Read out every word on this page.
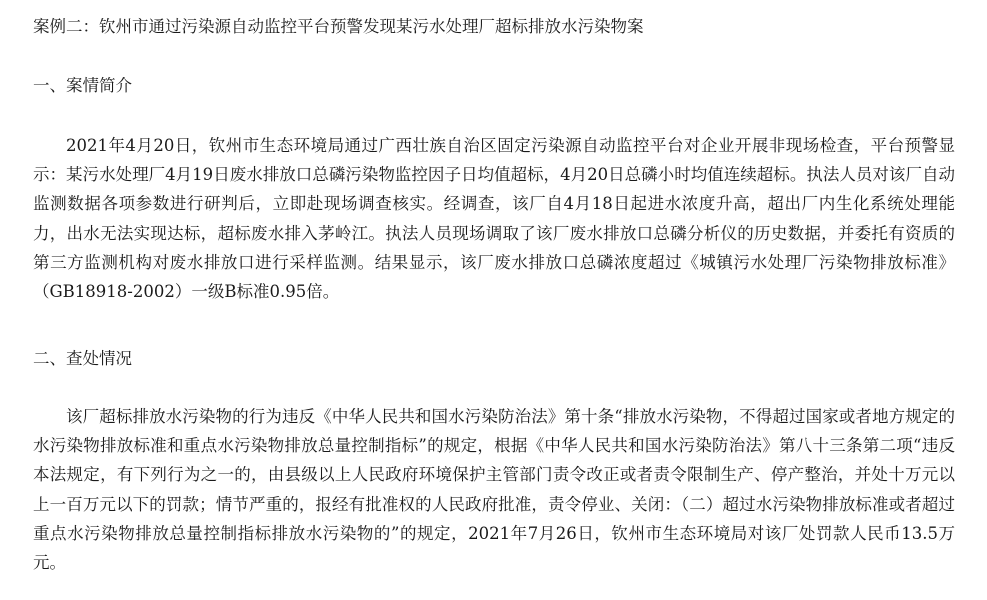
案例二：钦州市通过污染源自动监控平台预警发现某污水处理厂超标排放水污染物案
一、案情简介

2021年4月20日，钦州市生态环境局通过广西壮族自治区固定污染源自动监控平台对企业开展非现场检查，平台预警显示：某污水处理厂4月19日废水排放口总磷污染物监控因子日均值超标，4月20日总磷小时均值连续超标。执法人员对该厂自动监测数据各项参数进行研判后，立即赴现场调查核实。经调查，该厂自4月18日起进水浓度升高，超出厂内生化系统处理能力，出水无法实现达标，超标废水排入茅岭江。执法人员现场调取了该厂废水排放口总磷分析仪的历史数据，并委托有资质的第三方监测机构对废水排放口进行采样监测。结果显示，该厂废水排放口总磷浓度超过《城镇污水处理厂污染物排放标准》（GB18918-2002）一级B标准0.95倍。

二、查处情况

该厂超标排放水污染物的行为违反《中华人民共和国水污染防治法》第十条“排放水污染物，不得超过国家或者地方规定的水污染物排放标准和重点水污染物排放总量控制指标”的规定，根据《中华人民共和国水污染防治法》第八十三条第二项“违反本法规定，有下列行为之一的，由县级以上人民政府环境保护主管部门责令改正或者责令限制生产、停产整治，并处十万元以上一百万元以下的罚款；情节严重的，报经有批准权的人民政府批准，责令停业、关闭：（二）超过水污染物排放标准或者超过重点水污染物排放总量控制指标排放水污染物的”的规定，2021年7月26日，钦州市生态环境局对该厂处罚款人民币13.5万元。
